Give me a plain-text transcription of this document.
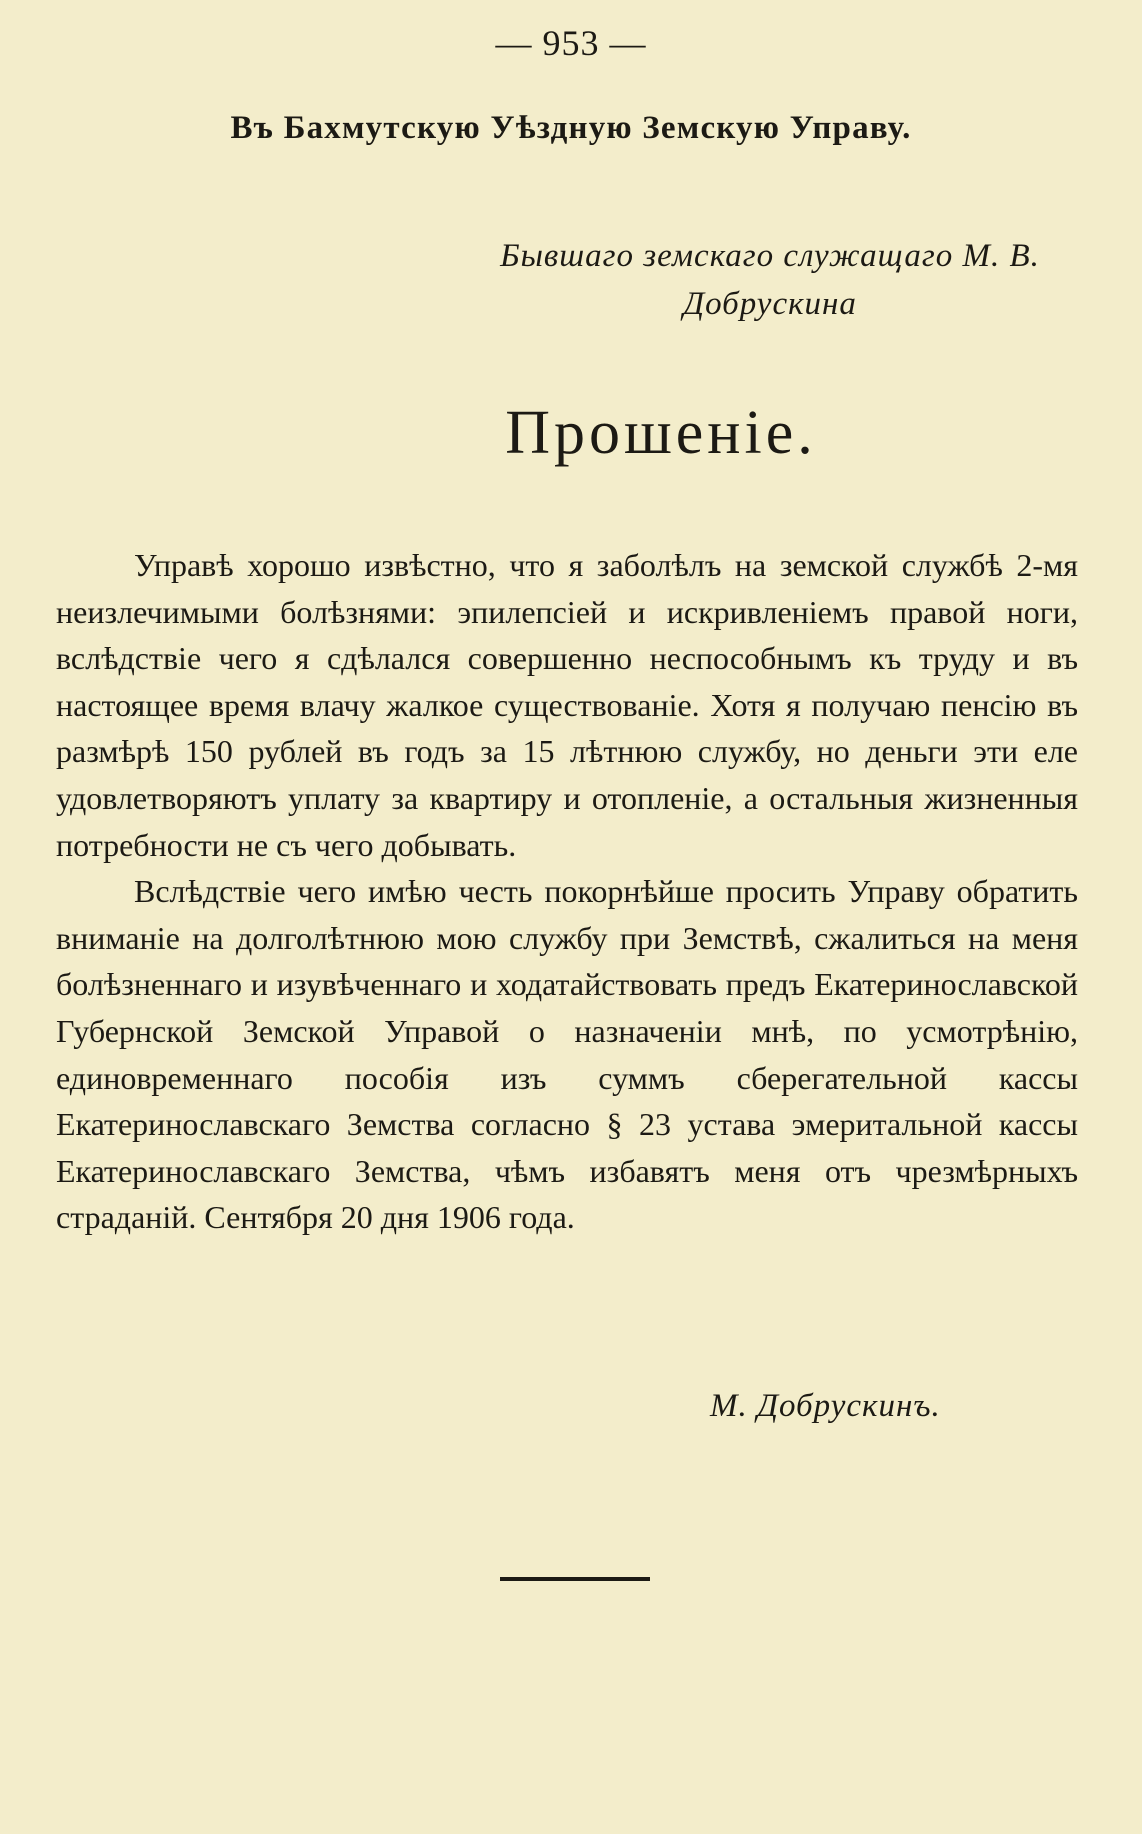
— 953 —
Въ Бахмутскую Уѣздную Земскую Управу.
Бывшаго земскаго служащаго М. В.
Добрускина
Прошеніе.

Управѣ хорошо извѣстно, что я заболѣлъ на земской службѣ 2-мя неизлечимыми болѣзнями: эпилепсіей и искривленіемъ правой ноги, вслѣдствіе чего я сдѣлался совершенно неспособнымъ къ труду и въ настоящее время влачу жалкое существованіе. Хотя я получаю пенсію въ размѣрѣ 150 рублей въ годъ за 15 лѣтнюю службу, но деньги эти еле удовлетворяютъ уплату за квартиру и отопленіе, а остальныя жизненныя потребности не съ чего добывать.

Вслѣдствіе чего имѣю честь покорнѣйше просить Управу обратить вниманіе на долголѣтнюю мою службу при Земствѣ, сжалиться на меня болѣзненнаго и изувѣченнаго и ходатайствовать предъ Екатеринославской Губернской Земской Управой о назначеніи мнѣ, по усмотрѣнію, единовременнаго пособія изъ суммъ сберегательной кассы Екатеринославскаго Земства согласно § 23 устава эмеритальной кассы Екатеринославскаго Земства, чѣмъ избавятъ меня отъ чрезмѣрныхъ страданій. Сентября 20 дня 1906 года.

М. Добрускинъ.
